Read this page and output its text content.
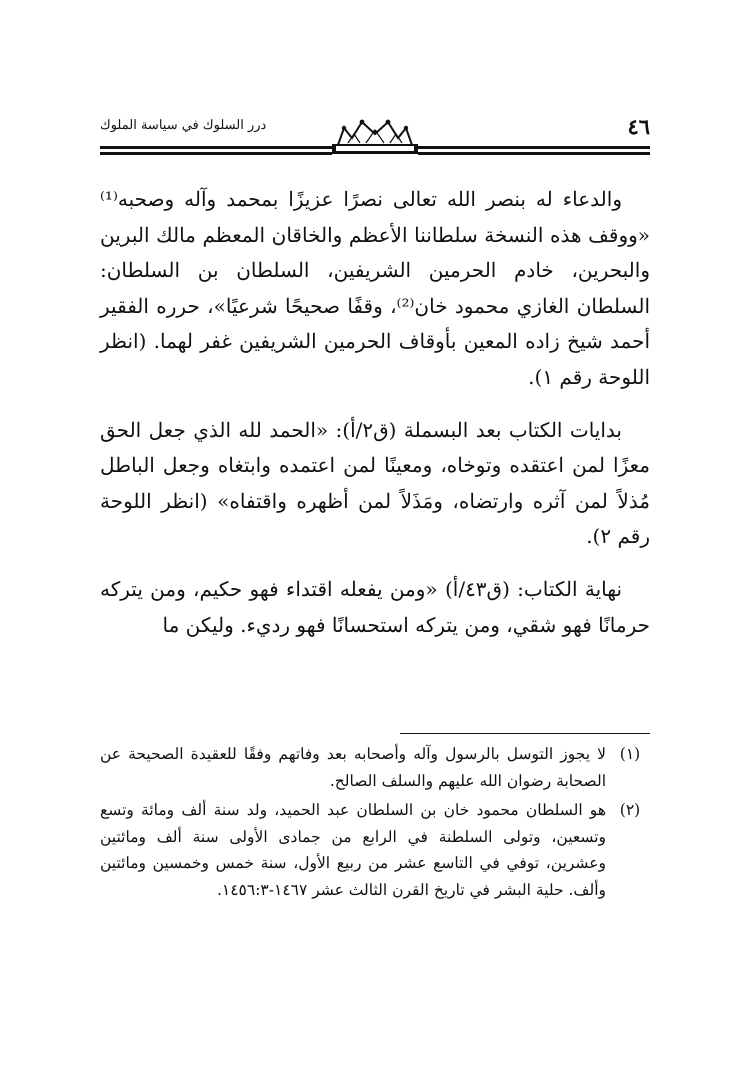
درر السلوك في سياسة الملوك	٤٦

والدعاء له بنصر الله تعالى نصرًا عزيزًا بمحمد وآله وصحبه⁽¹⁾ «ووقف هذه النسخة سلطاننا الأعظم والخاقان المعظم مالك البرين والبحرين، خادم الحرمين الشريفين، السلطان بن السلطان: السلطان الغازي محمود خان⁽²⁾، وقفًا صحيحًا شرعيًا»، حرره الفقير أحمد شيخ زاده المعين بأوقاف الحرمين الشريفين غفر لهما. (انظر اللوحة رقم ١).

بدايات الكتاب بعد البسملة (ق٢/أ): «الحمد لله الذي جعل الحق معزًا لمن اعتقده وتوخاه، ومعينًا لمن اعتمده وابتغاه وجعل الباطل مُذلاً لمن آثره وارتضاه، ومَذَلاً لمن أظهره واقتفاه» (انظر اللوحة رقم ٢).

نهاية الكتاب: (ق٤٣/أ) «ومن يفعله اقتداء فهو حكيم، ومن يتركه حرمانًا فهو شقي، ومن يتركه استحسانًا فهو رديء. وليكن ما

(١)
لا يجوز التوسل بالرسول وآله وأصحابه بعد وفاتهم وفقًا للعقيدة الصحيحة عن الصحابة رضوان الله عليهم والسلف الصالح.
(٢)
هو السلطان محمود خان بن السلطان عبد الحميد، ولد سنة ألف ومائة وتسع وتسعين، وتولى السلطنة في الرابع من جمادى الأولى سنة ألف ومائتين وعشرين، توفي في التاسع عشر من ربيع الأول، سنة خمس وخمسين ومائتين وألف. حلية البشر في تاريخ القرن الثالث عشر ١٤٦٧-١٤٥٦:٣.
